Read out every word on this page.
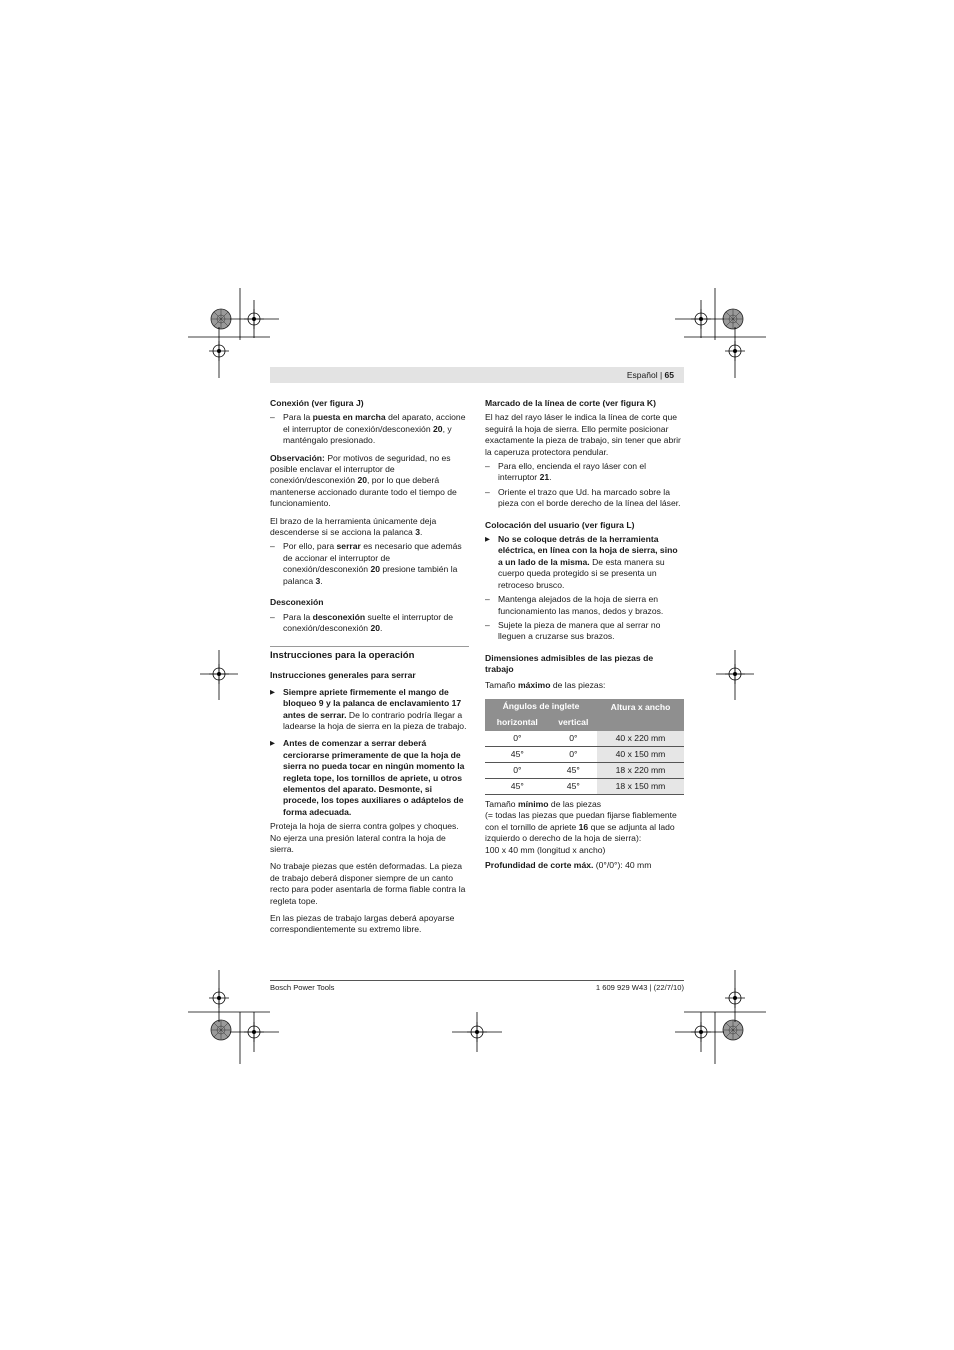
Español | 65
Conexión (ver figura J)
– Para la puesta en marcha del aparato, accione el interruptor de conexión/desconexión 20, y manténgalo presionado.

Observación: Por motivos de seguridad, no es posible enclavar el interruptor de conexión/desconexión 20, por lo que deberá mantenerse accionado durante todo el tiempo de funcionamiento.

El brazo de la herramienta únicamente deja descenderse si se acciona la palanca 3.

– Por ello, para serrar es necesario que además de accionar el interruptor de conexión/desconexión 20 presione también la palanca 3.
Desconexión
– Para la desconexión suelte el interruptor de conexión/desconexión 20.
Instrucciones para la operación
Instrucciones generales para serrar
▶ Siempre apriete firmemente el mango de bloqueo 9 y la palanca de enclavamiento 17 antes de serrar. De lo contrario podría llegar a ladearse la hoja de sierra en la pieza de trabajo.
▶ Antes de comenzar a serrar deberá cerciorarse primeramente de que la hoja de sierra no pueda tocar en ningún momento la regleta tope, los tornillos de apriete, u otros elementos del aparato. Desmonte, si procede, los topes auxiliares o adáptelos de forma adecuada.

Proteja la hoja de sierra contra golpes y choques. No ejerza una presión lateral contra la hoja de sierra.

No trabaje piezas que estén deformadas. La pieza de trabajo deberá disponer siempre de un canto recto para poder asentarla de forma fiable contra la regleta tope.

En las piezas de trabajo largas deberá apoyarse correspondientemente su extremo libre.

Marcado de la línea de corte (ver figura K)

El haz del rayo láser le indica la línea de corte que seguirá la hoja de sierra. Ello permite posicionar exactamente la pieza de trabajo, sin tener que abrir la caperuza protectora pendular.

– Para ello, encienda el rayo láser con el interruptor 21.
– Oriente el trazo que Ud. ha marcado sobre la pieza con el borde derecho de la línea del láser.
Colocación del usuario (ver figura L)
▶ No se coloque detrás de la herramienta eléctrica, en línea con la hoja de sierra, sino a un lado de la misma. De esta manera su cuerpo queda protegido si se presenta un retroceso brusco.
– Mantenga alejados de la hoja de sierra en funcionamiento las manos, dedos y brazos.
– Sujete la pieza de manera que al serrar no lleguen a cruzarse sus brazos.
Dimensiones admisibles de las piezas de trabajo

Tamaño máximo de las piezas:

Ángulos de inglete		Altura x ancho
horizontal	vertical	
0°	0°	40 x 220 mm
45°	0°	40 x 150 mm
0°	45°	18 x 220 mm
45°	45°	18 x 150 mm

Tamaño mínimo de las piezas

(= todas las piezas que puedan fijarse fiablemente con el tornillo de apriete 16 que se adjunta al lado izquierdo o derecho de la hoja de sierra):

100 x 40 mm (longitud x ancho)

Profundidad de corte máx. (0°/0°): 40 mm

Bosch Power Tools	1 609 929 W43 | (22/7/10)
